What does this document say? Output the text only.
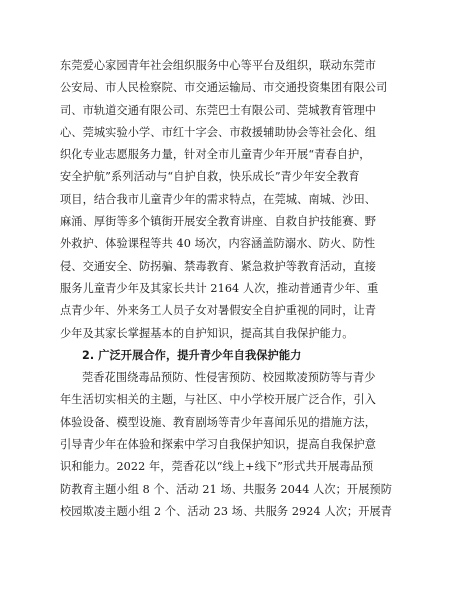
东莞爱心家园青年社会组织服务中心等平台及组织，联动东莞市
公安局、市人民检察院、市交通运输局、市交通投资集团有限公司
司、市轨道交通有限公司、东莞巴士有限公司、莞城教育管理中
心、莞城实验小学、市红十字会、市救援辅助协会等社会化、组
织化专业志愿服务力量，针对全市儿童青少年开展“青春自护，
安全护航”系列活动与“自护自救，快乐成长”青少年安全教育
项目，结合我市儿童青少年的需求特点，在莞城、南城、沙田、
麻涌、厚街等多个镇街开展安全教育讲座、自救自护技能赛、野
外救护、体验课程等共 40 场次，内容涵盖防溺水、防火、防性
侵、交通安全、防拐骗、禁毒教育、紧急救护等教育活动，直接
服务儿童青少年及其家长共计 2164 人次，推动普通青少年、重
点青少年、外来务工人员子女对暑假安全自护重视的同时，让青
少年及其家长掌握基本的自护知识，提高其自我保护能力。
2. 广泛开展合作，提升青少年自我保护能力
莞香花围绕毒品预防、性侵害预防、校园欺凌预防等与青少
年生活切实相关的主题，与社区、中小学校开展广泛合作，引入
体验设备、模型设施、教育剧场等青少年喜闻乐见的措施方法，
引导青少年在体验和探索中学习自我保护知识，提高自我保护意
识和能力。2022 年，莞香花以“线上+线下”形式共开展毒品预
防教育主题小组 8 个、活动 21 场、共服务 2044 人次；开展预防
校园欺凌主题小组 2 个、活动 23 场、共服务 2924 人次；开展青
